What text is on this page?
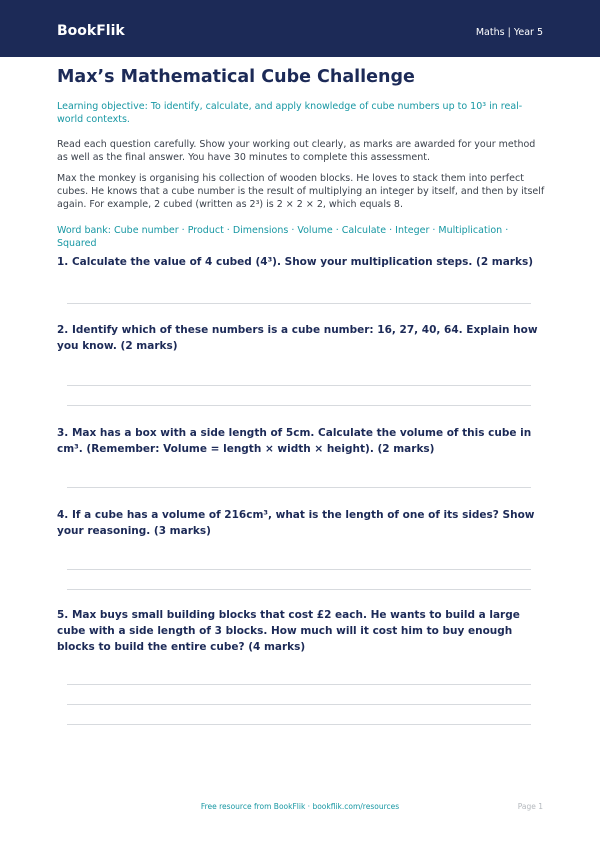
BookFlik	Maths | Year 5
Max’s Mathematical Cube Challenge
Learning objective: To identify, calculate, and apply knowledge of cube numbers up to 10³ in real-world contexts.
Read each question carefully. Show your working out clearly, as marks are awarded for your method as well as the final answer. You have 30 minutes to complete this assessment.
Max the monkey is organising his collection of wooden blocks. He loves to stack them into perfect cubes. He knows that a cube number is the result of multiplying an integer by itself, and then by itself again. For example, 2 cubed (written as 2³) is 2 × 2 × 2, which equals 8.
Word bank: Cube number · Product · Dimensions · Volume · Calculate · Integer · Multiplication · Squared
1. Calculate the value of 4 cubed (4³). Show your multiplication steps. (2 marks)
2. Identify which of these numbers is a cube number: 16, 27, 40, 64. Explain how you know. (2 marks)
3. Max has a box with a side length of 5cm. Calculate the volume of this cube in cm³. (Remember: Volume = length × width × height). (2 marks)
4. If a cube has a volume of 216cm³, what is the length of one of its sides? Show your reasoning. (3 marks)
5. Max buys small building blocks that cost £2 each. He wants to build a large cube with a side length of 3 blocks. How much will it cost him to buy enough blocks to build the entire cube? (4 marks)
Free resource from BookFlik · bookflik.com/resources	Page 1
